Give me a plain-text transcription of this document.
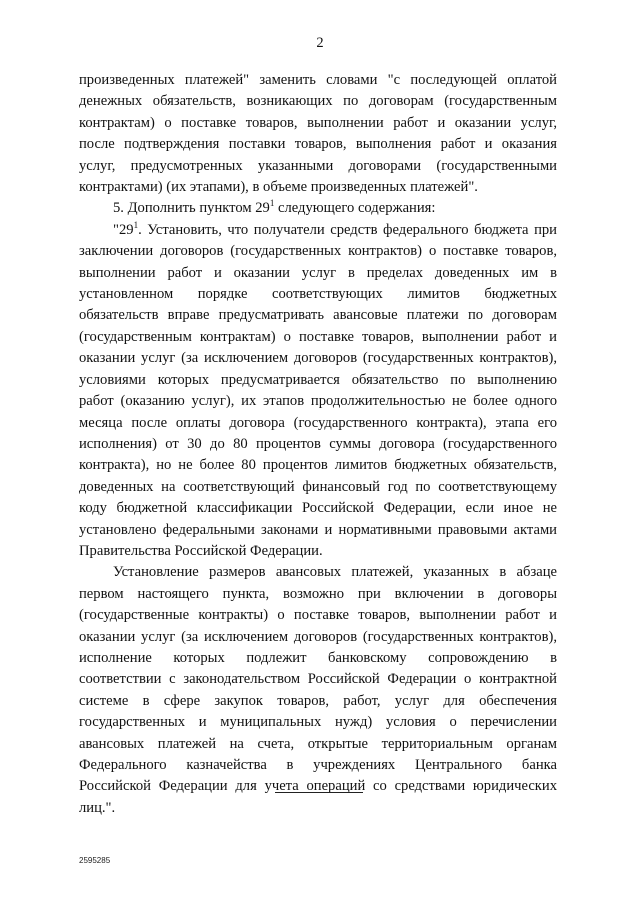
2
произведенных платежей" заменить словами "с последующей оплатой
денежных обязательств, возникающих по договорам (государственным
контрактам) о поставке товаров, выполнении работ и оказании услуг,
после подтверждения поставки товаров, выполнения работ и оказания
услуг, предусмотренных указанными договорами (государственными
контрактами) (их этапами), в объеме произведенных платежей".
5. Дополнить пунктом $29^1$ следующего содержания:
"$29^1$. Установить, что получатели средств федерального бюджета при
заключении договоров (государственных контрактов) о поставке товаров,
выполнении работ и оказании услуг в пределах доведенных им в
установленном порядке соответствующих лимитов бюджетных
обязательств вправе предусматривать авансовые платежи по договорам
(государственным контрактам) о поставке товаров, выполнении работ и
оказании услуг (за исключением договоров (государственных контрактов),
условиями которых предусматривается обязательство по выполнению
работ (оказанию услуг), их этапов продолжительностью не более одного
месяца после оплаты договора (государственного контракта), этапа его
исполнения) от 30 до 80 процентов суммы договора (государственного
контракта), но не более 80 процентов лимитов бюджетных обязательств,
доведенных на соответствующий финансовый год по соответствующему
коду бюджетной классификации Российской Федерации, если иное не
установлено федеральными законами и нормативными правовыми актами
Правительства Российской Федерации.
Установление размеров авансовых платежей, указанных в абзаце
первом настоящего пункта, возможно при включении в договоры
(государственные контракты) о поставке товаров, выполнении работ и
оказании услуг (за исключением договоров (государственных контрактов),
исполнение которых подлежит банковскому сопровождению в
соответствии с законодательством Российской Федерации о контрактной
системе в сфере закупок товаров, работ, услуг для обеспечения
государственных и муниципальных нужд) условия о перечислении
авансовых платежей на счета, открытые территориальным органам
Федерального казначейства в учреждениях Центрального банка
Российской Федерации для учета операций со средствами юридических
лиц.".
2595285
